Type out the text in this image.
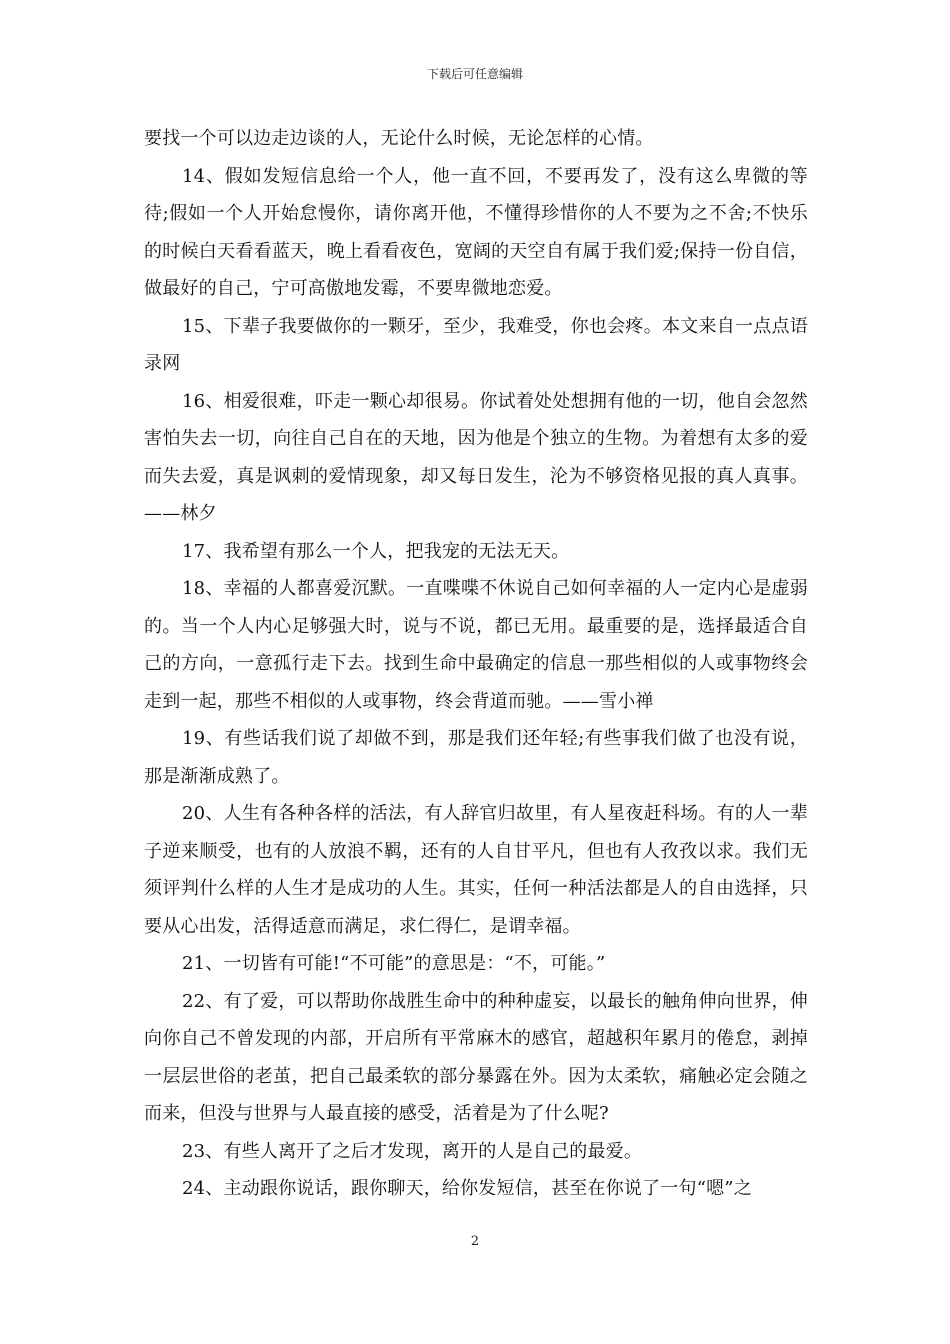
下载后可任意编辑

要找一个可以边走边谈的人，无论什么时候，无论怎样的心情。

14、假如发短信息给一个人，他一直不回，不要再发了，没有这么卑微的等待;假如一个人开始怠慢你，请你离开他，不懂得珍惜你的人不要为之不舍;不快乐的时候白天看看蓝天，晚上看看夜色，宽阔的天空自有属于我们爱;保持一份自信，做最好的自己，宁可高傲地发霉，不要卑微地恋爱。

15、下辈子我要做你的一颗牙，至少，我难受，你也会疼。本文来自一点点语录网

16、相爱很难，吓走一颗心却很易。你试着处处想拥有他的一切，他自会忽然害怕失去一切，向往自己自在的天地，因为他是个独立的生物。为着想有太多的爱而失去爱，真是讽刺的爱情现象，却又每日发生，沦为不够资格见报的真人真事。——林夕

17、我希望有那么一个人，把我宠的无法无天。

18、幸福的人都喜爱沉默。一直喋喋不休说自己如何幸福的人一定内心是虚弱的。当一个人内心足够强大时，说与不说，都已无用。最重要的是，选择最适合自己的方向，一意孤行走下去。找到生命中最确定的信息一那些相似的人或事物终会走到一起，那些不相似的人或事物，终会背道而驰。——雪小禅

19、有些话我们说了却做不到，那是我们还年轻;有些事我们做了也没有说，那是渐渐成熟了。

20、人生有各种各样的活法，有人辞官归故里，有人星夜赶科场。有的人一辈子逆来顺受，也有的人放浪不羁，还有的人自甘平凡，但也有人孜孜以求。我们无须评判什么样的人生才是成功的人生。其实，任何一种活法都是人的自由选择，只要从心出发，活得适意而满足，求仁得仁，是谓幸福。

21、一切皆有可能!“不可能”的意思是：“不，可能。”

22、有了爱，可以帮助你战胜生命中的种种虚妄，以最长的触角伸向世界，伸向你自己不曾发现的内部，开启所有平常麻木的感官，超越积年累月的倦怠，剥掉一层层世俗的老茧，把自己最柔软的部分暴露在外。因为太柔软，痛触必定会随之而来，但没与世界与人最直接的感受，活着是为了什么呢?

23、有些人离开了之后才发现，离开的人是自己的最爱。

24、主动跟你说话，跟你聊天，给你发短信，甚至在你说了一句“嗯”之

2
